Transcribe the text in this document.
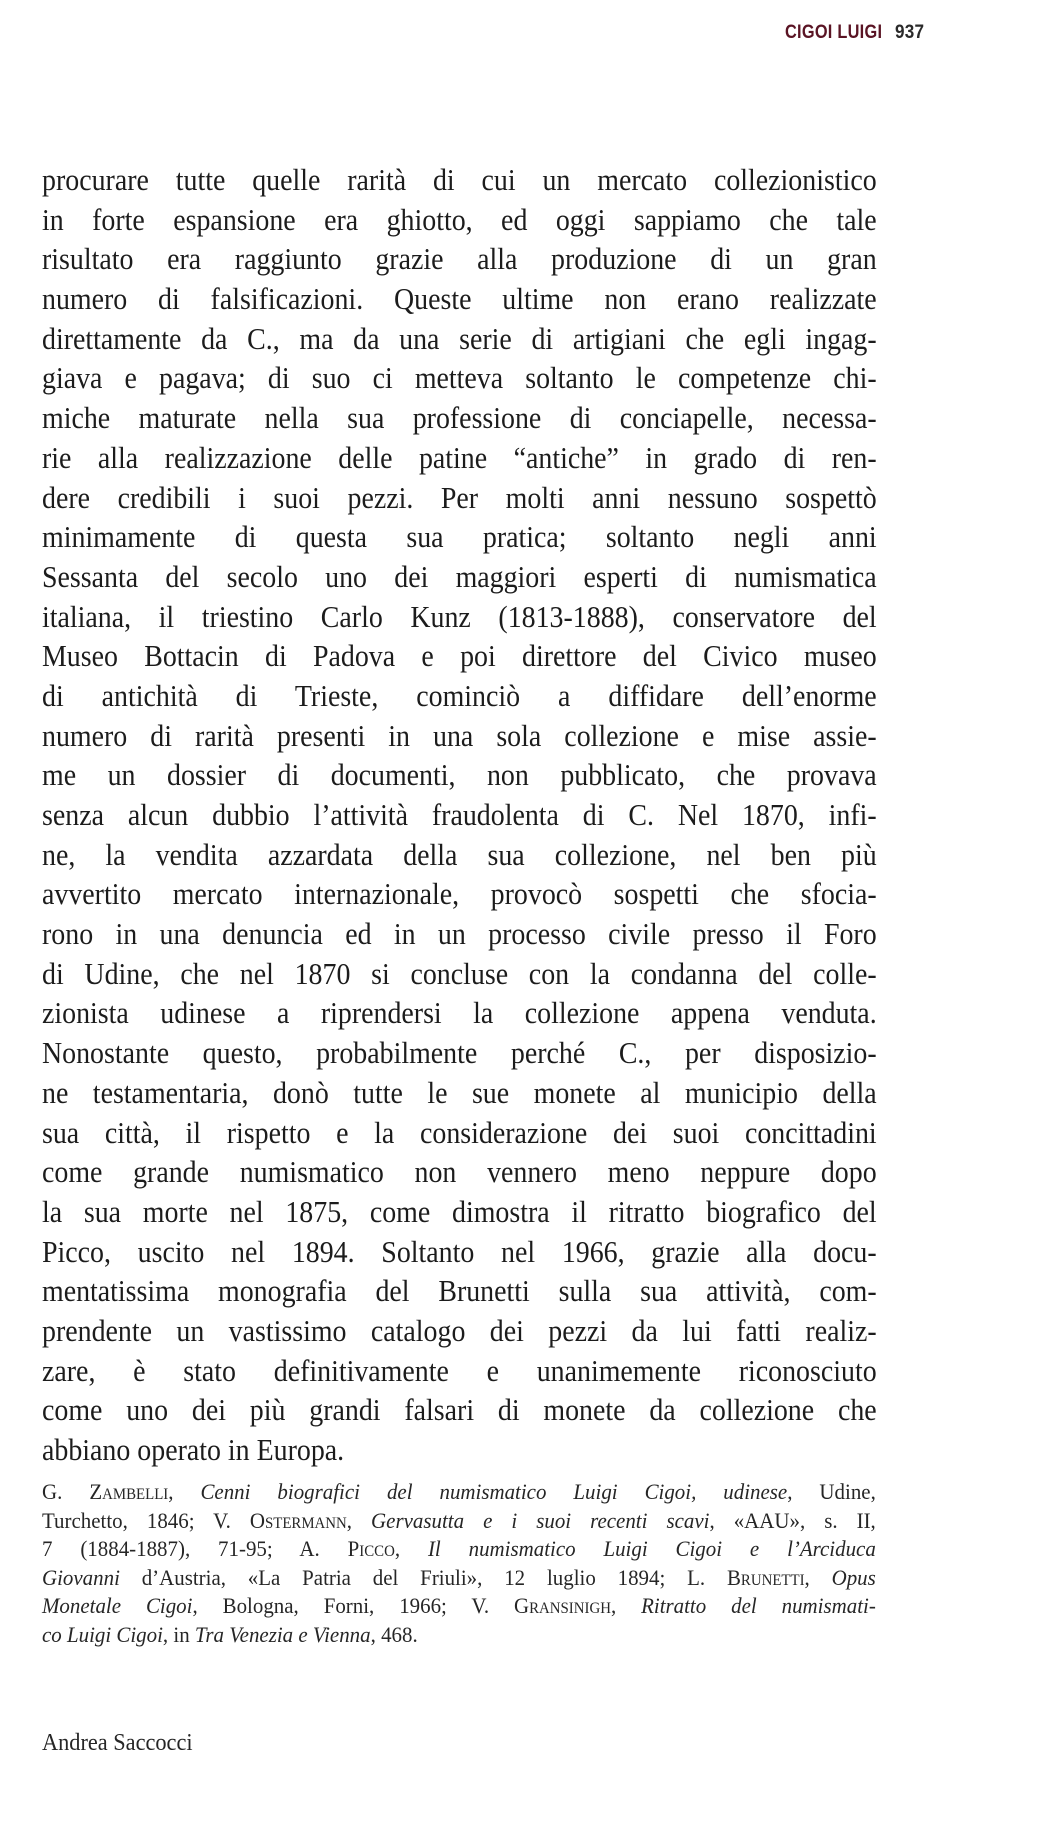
CIGOI LUIGI 937
procurare tutte quelle rarità di cui un mercato collezionistico
in forte espansione era ghiotto, ed oggi sappiamo che tale
risultato era raggiunto grazie alla produzione di un gran
numero di falsificazioni. Queste ultime non erano realizzate
direttamente da C., ma da una serie di artigiani che egli ingag-
giava e pagava; di suo ci metteva soltanto le competenze chi-
miche maturate nella sua professione di conciapelle, necessa-
rie alla realizzazione delle patine “antiche” in grado di ren-
dere credibili i suoi pezzi. Per molti anni nessuno sospettò
minimamente di questa sua pratica; soltanto negli anni
Sessanta del secolo uno dei maggiori esperti di numismatica
italiana, il triestino Carlo Kunz (1813-1888), conservatore del
Museo Bottacin di Padova e poi direttore del Civico museo
di antichità di Trieste, cominciò a diffidare dell’enorme
numero di rarità presenti in una sola collezione e mise assie-
me un dossier di documenti, non pubblicato, che provava
senza alcun dubbio l’attività fraudolenta di C. Nel 1870, infi-
ne, la vendita azzardata della sua collezione, nel ben più
avvertito mercato internazionale, provocò sospetti che sfocia-
rono in una denuncia ed in un processo civile presso il Foro
di Udine, che nel 1870 si concluse con la condanna del colle-
zionista udinese a riprendersi la collezione appena venduta.
Nonostante questo, probabilmente perché C., per disposizio-
ne testamentaria, donò tutte le sue monete al municipio della
sua città, il rispetto e la considerazione dei suoi concittadini
come grande numismatico non vennero meno neppure dopo
la sua morte nel 1875, come dimostra il ritratto biografico del
Picco, uscito nel 1894. Soltanto nel 1966, grazie alla docu-
mentatissima monografia del Brunetti sulla sua attività, com-
prendente un vastissimo catalogo dei pezzi da lui fatti realiz-
zare, è stato definitivamente e unanimemente riconosciuto
come uno dei più grandi falsari di monete da collezione che
abbiano operato in Europa.
G. Zambelli, Cenni biografici del numismatico Luigi Cigoi, udinese, Udine,
Turchetto, 1846; V. Ostermann, Gervasutta e i suoi recenti scavi, «AAU», s. II,
7 (1884-1887), 71-95; A. Picco, Il numismatico Luigi Cigoi e l’Arciduca
Giovanni d’Austria, «La Patria del Friuli», 12 luglio 1894; L. Brunetti, Opus
Monetale Cigoi, Bologna, Forni, 1966; V. Gransinigh, Ritratto del numismati-
co Luigi Cigoi, in Tra Venezia e Vienna, 468.
Andrea Saccocci
